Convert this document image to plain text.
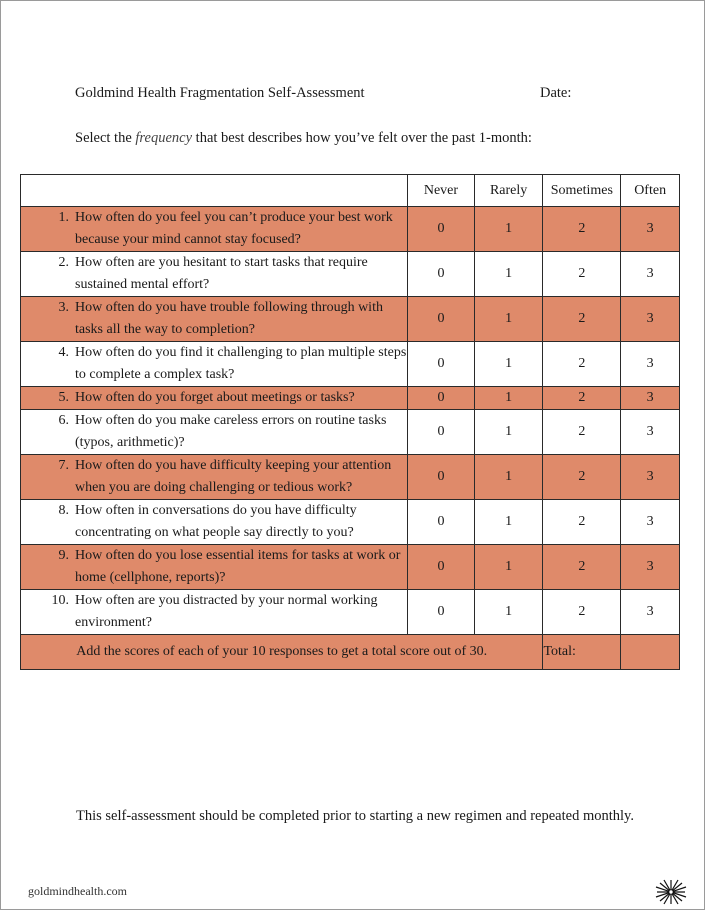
Goldmind Health Fragmentation Self-Assessment	Date:
Select the frequency that best describes how you’ve felt over the past 1-month:
	Never	Rarely	Sometimes	Often

1. How often do you feel you can’t produce your best work because your mind cannot stay focused?	0	1	2	3

2. How often are you hesitant to start tasks that require sustained mental effort?	0	1	2	3

3. How often do you have trouble following through with tasks all the way to completion?	0	1	2	3

4. How often do you find it challenging to plan multiple steps to complete a complex task?	0	1	2	3

5. How often do you forget about meetings or tasks?	0	1	2	3

6. How often do you make careless errors on routine tasks (typos, arithmetic)?	0	1	2	3

7. How often do you have difficulty keeping your attention when you are doing challenging or tedious work?	0	1	2	3

8. How often in conversations do you have difficulty concentrating on what people say directly to you?	0	1	2	3

9. How often do you lose essential items for tasks at work or home (cellphone, reports)?	0	1	2	3

10. How often are you distracted by your normal working environment?	0	1	2	3
Add the scores of each of your 10 responses to get a total score out of 30.			Total:	
This self-assessment should be completed prior to starting a new regimen and repeated monthly.
goldmindhealth.com
